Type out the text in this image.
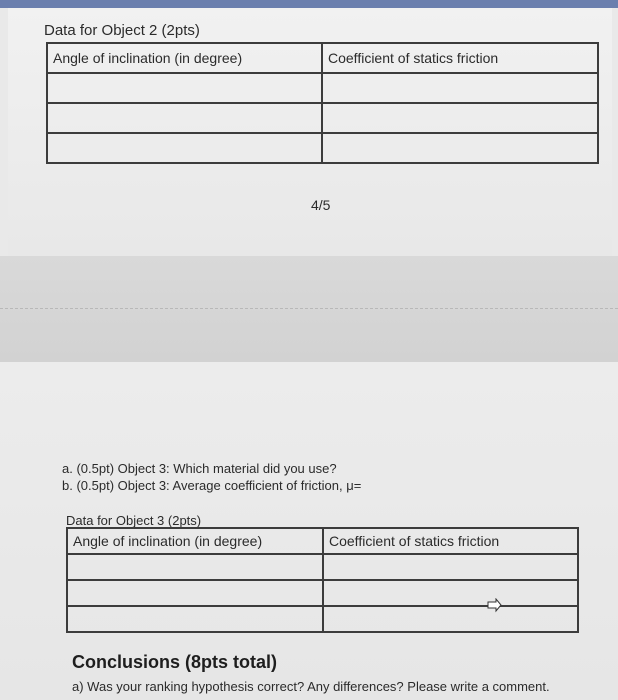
Data for Object 2 (2pts)
Angle of inclination (in degree)	Coefficient of statics friction

4/5
a. (0.5pt) Object 3: Which material did you use?
b. (0.5pt) Object 3: Average coefficient of friction, μ=
Data for Object 3 (2pts)
Angle of inclination (in degree)	Coefficient of statics friction

Conclusions (8pts total)
a) Was your ranking hypothesis correct? Any differences? Please write a comment.
